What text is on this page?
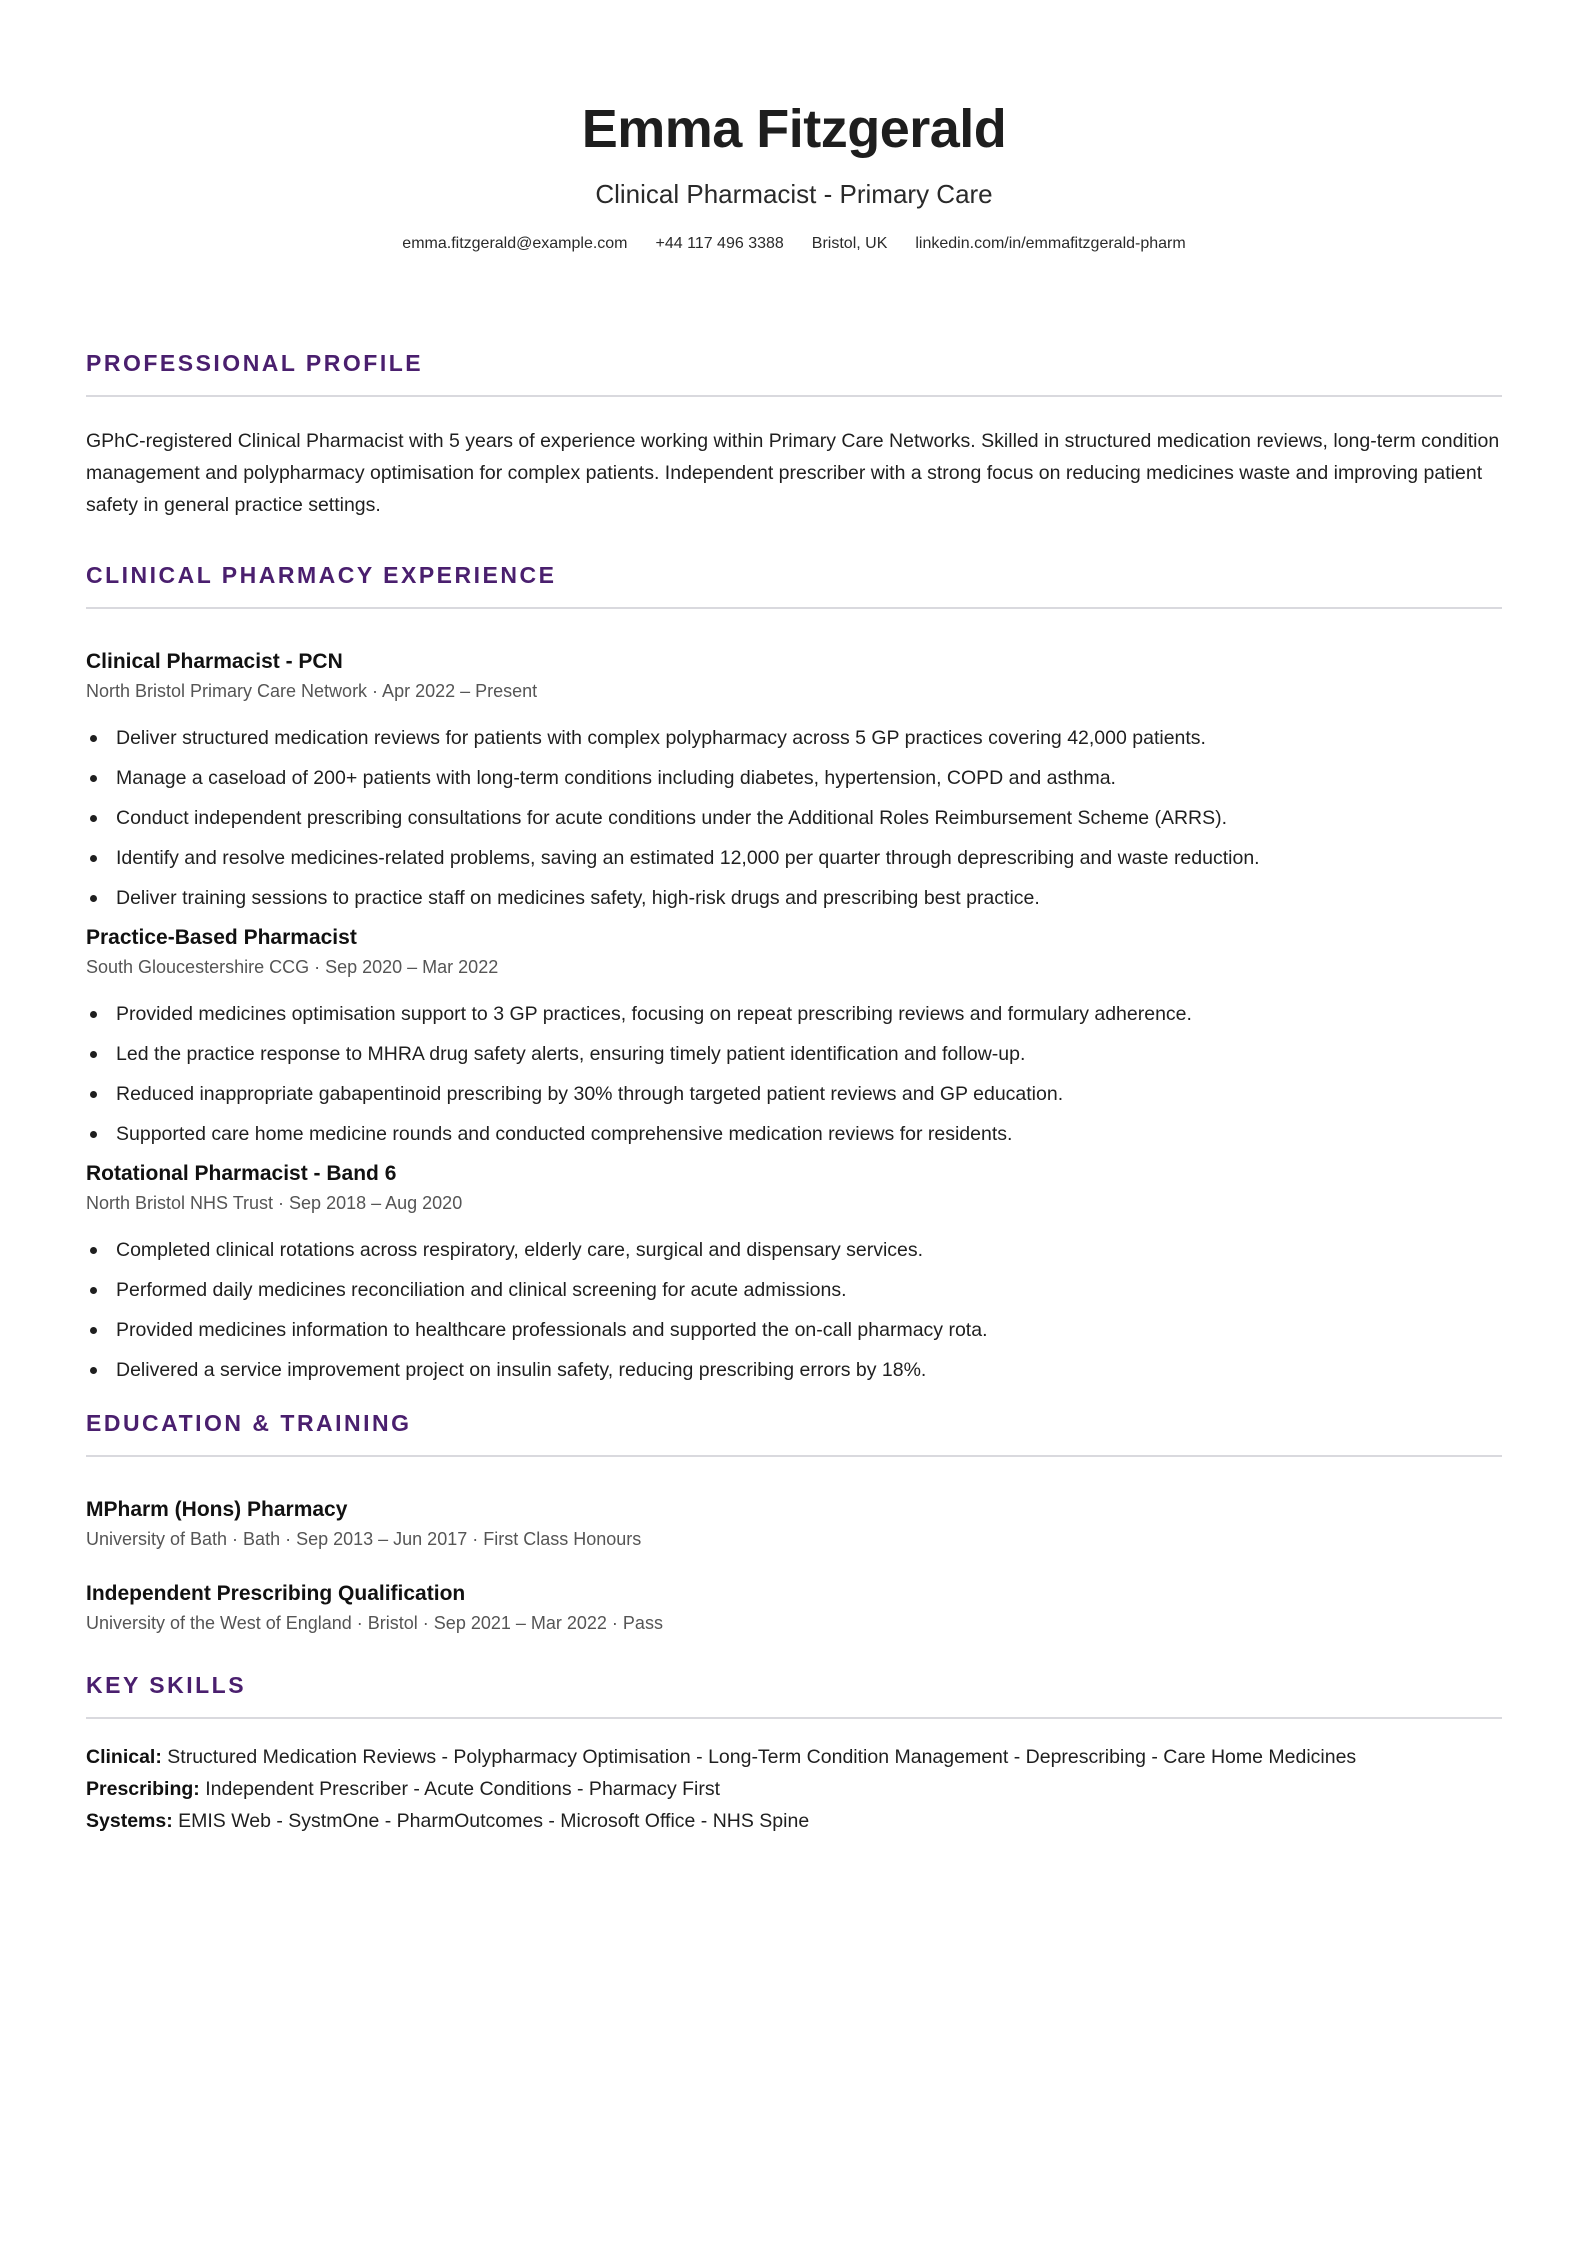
Emma Fitzgerald
Clinical Pharmacist - Primary Care
emma.fitzgerald@example.com +44 117 496 3388 Bristol, UK linkedin.com/in/emmafitzgerald-pharm
PROFESSIONAL PROFILE
GPhC-registered Clinical Pharmacist with 5 years of experience working within Primary Care Networks. Skilled in structured medication reviews, long-term condition management and polypharmacy optimisation for complex patients. Independent prescriber with a strong focus on reducing medicines waste and improving patient safety in general practice settings.
CLINICAL PHARMACY EXPERIENCE
Clinical Pharmacist - PCN
North Bristol Primary Care Network · Apr 2022 – Present
Deliver structured medication reviews for patients with complex polypharmacy across 5 GP practices covering 42,000 patients.
Manage a caseload of 200+ patients with long-term conditions including diabetes, hypertension, COPD and asthma.
Conduct independent prescribing consultations for acute conditions under the Additional Roles Reimbursement Scheme (ARRS).
Identify and resolve medicines-related problems, saving an estimated 12,000 per quarter through deprescribing and waste reduction.
Deliver training sessions to practice staff on medicines safety, high-risk drugs and prescribing best practice.
Practice-Based Pharmacist
South Gloucestershire CCG · Sep 2020 – Mar 2022
Provided medicines optimisation support to 3 GP practices, focusing on repeat prescribing reviews and formulary adherence.
Led the practice response to MHRA drug safety alerts, ensuring timely patient identification and follow-up.
Reduced inappropriate gabapentinoid prescribing by 30% through targeted patient reviews and GP education.
Supported care home medicine rounds and conducted comprehensive medication reviews for residents.
Rotational Pharmacist - Band 6
North Bristol NHS Trust · Sep 2018 – Aug 2020
Completed clinical rotations across respiratory, elderly care, surgical and dispensary services.
Performed daily medicines reconciliation and clinical screening for acute admissions.
Provided medicines information to healthcare professionals and supported the on-call pharmacy rota.
Delivered a service improvement project on insulin safety, reducing prescribing errors by 18%.
EDUCATION & TRAINING
MPharm (Hons) Pharmacy
University of Bath · Bath · Sep 2013 – Jun 2017 · First Class Honours
Independent Prescribing Qualification
University of the West of England · Bristol · Sep 2021 – Mar 2022 · Pass
KEY SKILLS
Clinical: Structured Medication Reviews - Polypharmacy Optimisation - Long-Term Condition Management - Deprescribing - Care Home Medicines
Prescribing: Independent Prescriber - Acute Conditions - Pharmacy First
Systems: EMIS Web - SystmOne - PharmOutcomes - Microsoft Office - NHS Spine
